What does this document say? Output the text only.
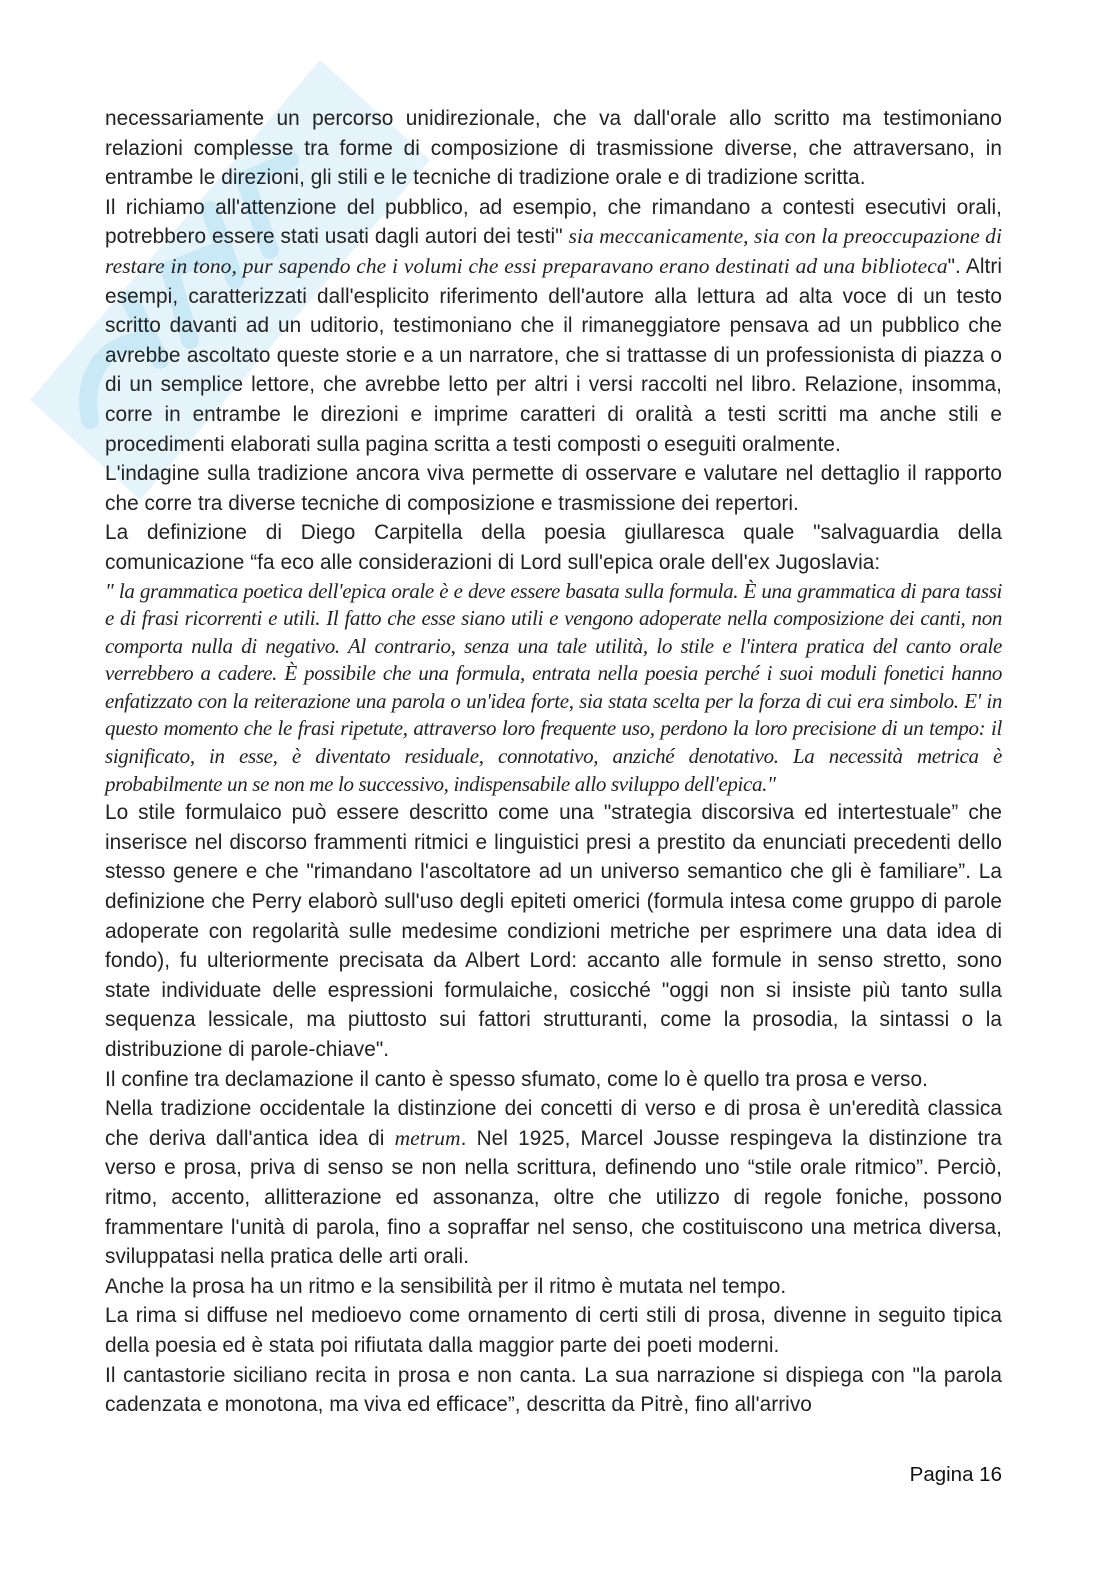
necessariamente un percorso unidirezionale, che va dall'orale allo scritto ma testimoniano relazioni complesse tra forme di composizione di trasmissione diverse, che attraversano, in entrambe le direzioni, gli stili e le tecniche di tradizione orale e di tradizione scritta.

Il richiamo all'attenzione del pubblico, ad esempio, che rimandano a contesti esecutivi orali, potrebbero essere stati usati dagli autori dei testi" sia meccanicamente, sia con la preoccupazione di restare in tono, pur sapendo che i volumi che essi preparavano erano destinati ad una biblioteca". Altri esempi, caratterizzati dall'esplicito riferimento dell'autore alla lettura ad alta voce di un testo scritto davanti ad un uditorio, testimoniano che il rimaneggiatore pensava ad un pubblico che avrebbe ascoltato queste storie e a un narratore, che si trattasse di un professionista di piazza o di un semplice lettore, che avrebbe letto per altri i versi raccolti nel libro. Relazione, insomma, corre in entrambe le direzioni e imprime caratteri di oralità a testi scritti ma anche stili e procedimenti elaborati sulla pagina scritta a testi composti o eseguiti oralmente.

L'indagine sulla tradizione ancora viva permette di osservare e valutare nel dettaglio il rapporto che corre tra diverse tecniche di composizione e trasmissione dei repertori.

La definizione di Diego Carpitella della poesia giullaresca quale "salvaguardia della comunicazione “fa eco alle considerazioni di Lord sull'epica orale dell'ex Jugoslavia:

" la grammatica poetica dell'epica orale è e deve essere basata sulla formula. È una grammatica di para tassi e di frasi ricorrenti e utili. Il fatto che esse siano utili e vengono adoperate nella composizione dei canti, non comporta nulla di negativo. Al contrario, senza una tale utilità, lo stile e l'intera pratica del canto orale verrebbero a cadere. È possibile che una formula, entrata nella poesia perché i suoi moduli fonetici hanno enfatizzato con la reiterazione una parola o un'idea forte, sia stata scelta per la forza di cui era simbolo. E' in questo momento che le frasi ripetute, attraverso loro frequente uso, perdono la loro precisione di un tempo: il significato, in esse, è diventato residuale, connotativo, anziché denotativo. La necessità metrica è probabilmente un se non me lo successivo, indispensabile allo sviluppo dell'epica."

Lo stile formulaico può essere descritto come una "strategia discorsiva ed intertestuale” che inserisce nel discorso frammenti ritmici e linguistici presi a prestito da enunciati precedenti dello stesso genere e che "rimandano l'ascoltatore ad un universo semantico che gli è familiare”. La definizione che Perry elaborò sull'uso degli epiteti omerici (formula intesa come gruppo di parole adoperate con regolarità sulle medesime condizioni metriche per esprimere una data idea di fondo), fu ulteriormente precisata da Albert Lord: accanto alle formule in senso stretto, sono state individuate delle espressioni formulaiche, cosicché "oggi non si insiste più tanto sulla sequenza lessicale, ma piuttosto sui fattori strutturanti, come la prosodia, la sintassi o la distribuzione di parole-chiave".

Il confine tra declamazione il canto è spesso sfumato, come lo è quello tra prosa e verso.

Nella tradizione occidentale la distinzione dei concetti di verso e di prosa è un'eredità classica che deriva dall'antica idea di metrum. Nel 1925, Marcel Jousse respingeva la distinzione tra verso e prosa, priva di senso se non nella scrittura, definendo uno “stile orale ritmico”. Perciò, ritmo, accento, allitterazione ed assonanza, oltre che utilizzo di regole foniche, possono frammentare l'unità di parola, fino a sopraffar nel senso, che costituiscono una metrica diversa, sviluppatasi nella pratica delle arti orali.

Anche la prosa ha un ritmo e la sensibilità per il ritmo è mutata nel tempo.

La rima si diffuse nel medioevo come ornamento di certi stili di prosa, divenne in seguito tipica della poesia ed è stata poi rifiutata dalla maggior parte dei poeti moderni.

Il cantastorie siciliano recita in prosa e non canta. La sua narrazione si dispiega con "la parola cadenzata e monotona, ma viva ed efficace”, descritta da Pitrè, fino all'arrivo

Pagina 16
